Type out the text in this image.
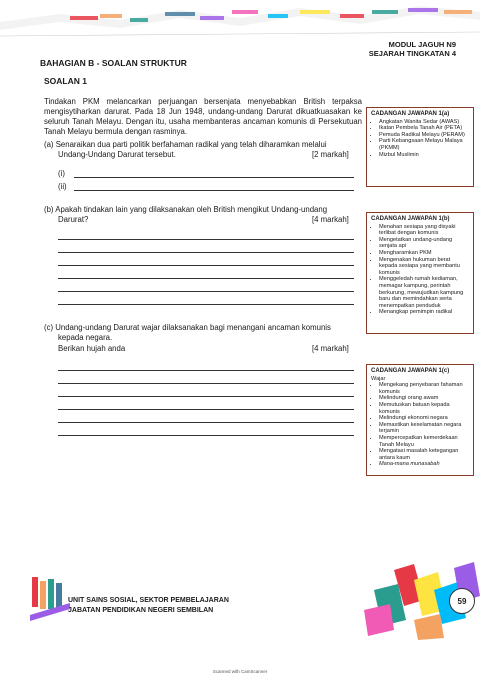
MODUL JAGUH N9
SEJARAH TINGKATAN 4
BAHAGIAN B - SOALAN STRUKTUR
SOALAN 1
Tindakan PKM melancarkan perjuangan bersenjata menyebabkan British terpaksa mengisytiharkan darurat. Pada 18 Jun 1948, undang-undang Darurat dikuatkuasakan ke seluruh Tanah Melayu. Dengan itu, usaha membanteras ancaman komunis di Persekutuan Tanah Melayu bermula dengan rasminya.
(a) Senaraikan dua parti politik berfahaman radikal yang telah diharamkan melalui
Undang-Undang Darurat tersebut.	[2 markah]
(i)
(ii)
(b) Apakah tindakan lain yang dilaksanakan oleh British mengikut Undang-undang
Darurat?	[4 markah]
(c) Undang-undang Darurat wajar dilaksanakan bagi menangani ancaman komunis
kepada negara.
Berikan hujah anda	[4 markah]
CADANGAN JAWAPAN 1(a)
• Angkatan Wanita Sedar (AWAS)
• Ikatan Pembela Tanah Air (PETA)
• Pemuda Radikal Melayu (PERAM)
• Parti Kebangsaan Melayu Malaya (PKMM)
• Mizbul Muslimin
CADANGAN JAWAPAN 1(b)
• Menahan sesiapa yang disyaki terlibat dengan komunis
• Mengetatkan undang-undang senjata api
• Mengharamkan PKM
• Mengenakan hukuman berat kepada sesiapa yang membantu komunis
• Menggeledah rumah kediaman, memagar kampung, perintah berkurung, mewujudkan kampung baru dan memindahkan serta menempatkan penduduk
• Menangkap pemimpin radikal
CADANGAN JAWAPAN 1(c)
Wajar
• Mengekang penyebaran fahaman komunis
• Melindungi orang awam
• Memutuskan batuan kepada komunis
• Melindungi ekonomi negara
• Memastikan keselamatan negara terjamin
• Mempercepatkan kemerdekaan Tanah Melayu
• Mengatasi masalah ketegangan antara kaum
• Mana-mana munasabah
UNIT SAINS SOSIAL, SEKTOR PEMBELAJARAN
JABATAN PENDIDIKAN NEGERI SEMBILAN
59
Scanned with CamScanner
